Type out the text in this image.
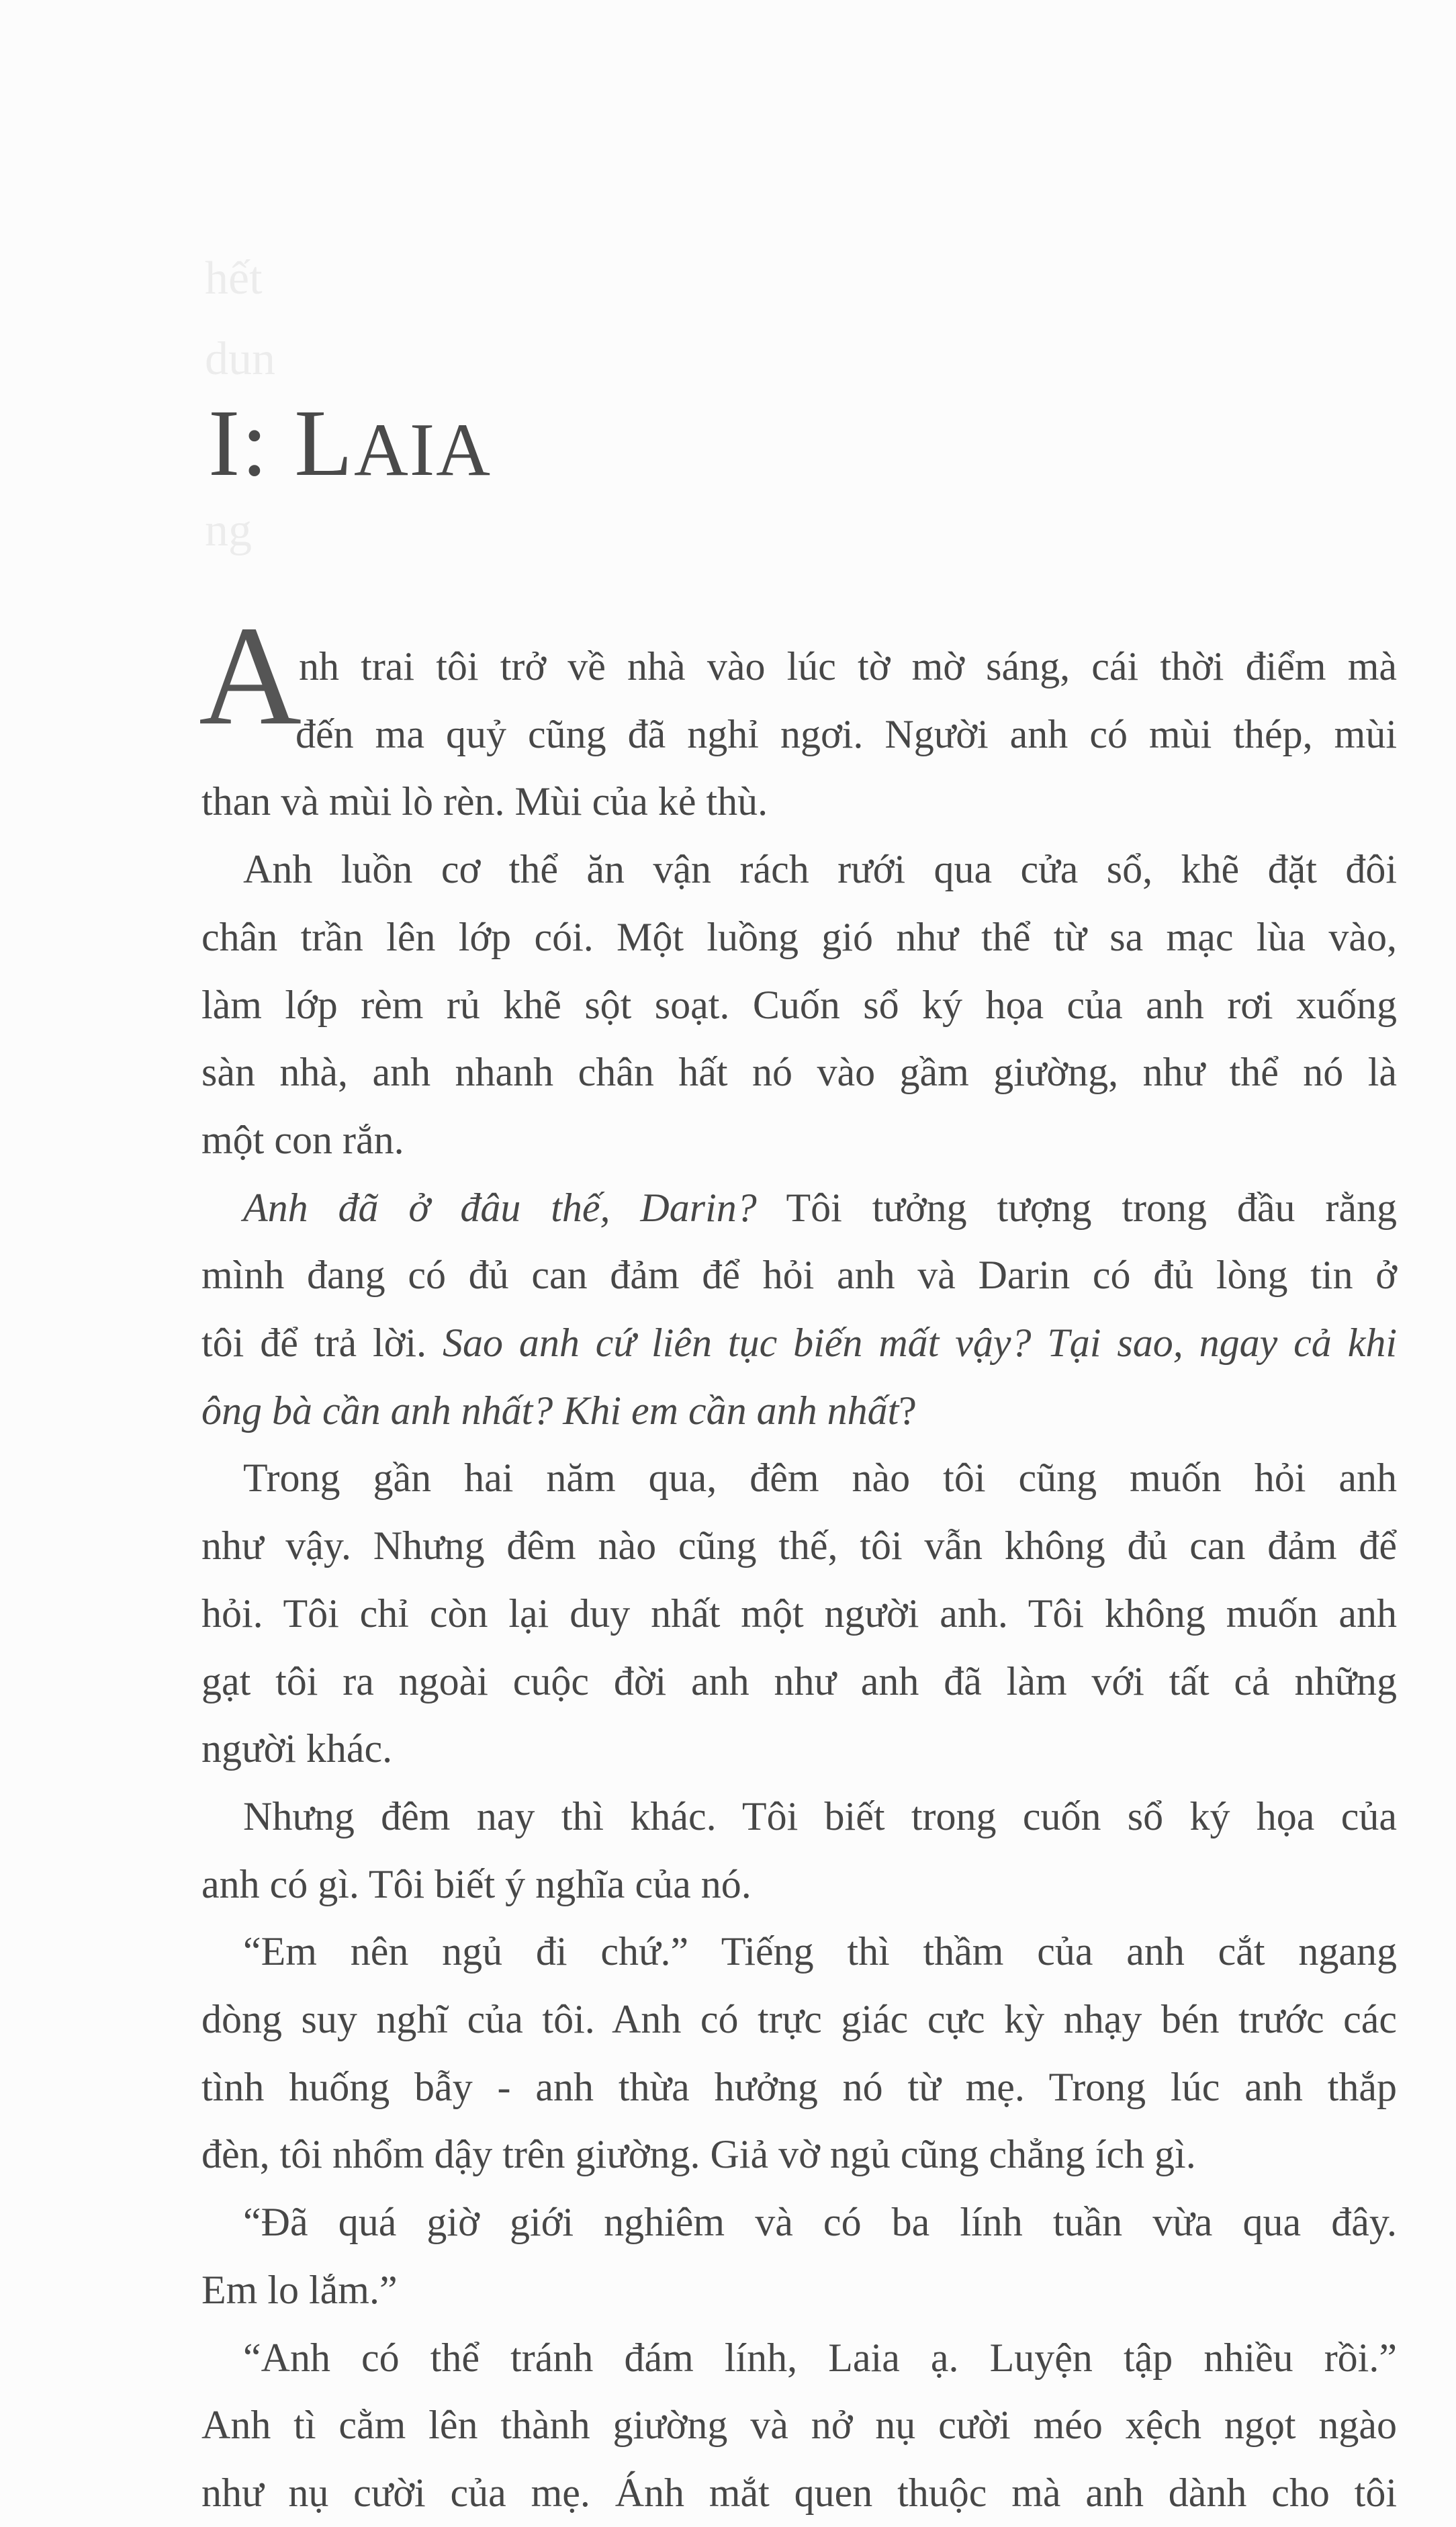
hết
dun
ng
I: LAIA
A
nh trai tôi trở về nhà vào lúc tờ mờ sáng, cái thời điểm mà
đến ma quỷ cũng đã nghỉ ngơi. Người anh có mùi thép, mùi
than và mùi lò rèn. Mùi của kẻ thù.
Anh luồn cơ thể ăn vận rách rưới qua cửa sổ, khẽ đặt đôi
chân trần lên lớp cói. Một luồng gió như thể từ sa mạc lùa vào,
làm lớp rèm rủ khẽ sột soạt. Cuốn sổ ký họa của anh rơi xuống
sàn nhà, anh nhanh chân hất nó vào gầm giường, như thể nó là
một con rắn.
Anh đã ở đâu thế, Darin? Tôi tưởng tượng trong đầu rằng
mình đang có đủ can đảm để hỏi anh và Darin có đủ lòng tin ở
tôi để trả lời. Sao anh cứ liên tục biến mất vậy? Tại sao, ngay cả khi
ông bà cần anh nhất? Khi em cần anh nhất?
Trong gần hai năm qua, đêm nào tôi cũng muốn hỏi anh
như vậy. Nhưng đêm nào cũng thế, tôi vẫn không đủ can đảm để
hỏi. Tôi chỉ còn lại duy nhất một người anh. Tôi không muốn anh
gạt tôi ra ngoài cuộc đời anh như anh đã làm với tất cả những
người khác.
Nhưng đêm nay thì khác. Tôi biết trong cuốn sổ ký họa của
anh có gì. Tôi biết ý nghĩa của nó.
“Em nên ngủ đi chứ.” Tiếng thì thầm của anh cắt ngang
dòng suy nghĩ của tôi. Anh có trực giác cực kỳ nhạy bén trước các
tình huống bẫy - anh thừa hưởng nó từ mẹ. Trong lúc anh thắp
đèn, tôi nhổm dậy trên giường. Giả vờ ngủ cũng chẳng ích gì.
“Đã quá giờ giới nghiêm và có ba lính tuần vừa qua đây.
Em lo lắm.”
“Anh có thể tránh đám lính, Laia ạ. Luyện tập nhiều rồi.”
Anh tì cằm lên thành giường và nở nụ cười méo xệch ngọt ngào
như nụ cười của mẹ. Ánh mắt quen thuộc mà anh dành cho tôi
